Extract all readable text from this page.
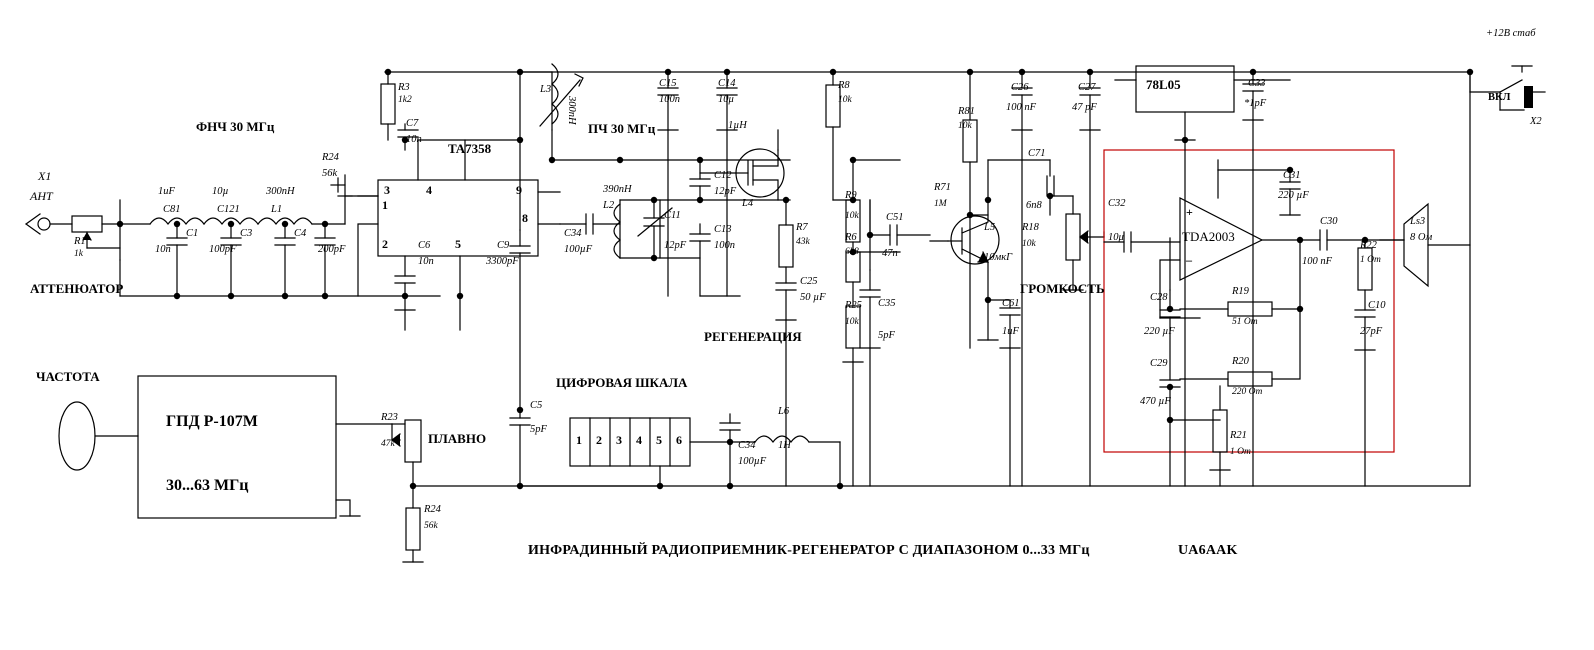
X1
АНТ
АТТЕНЮАТОР
ФНЧ 30 МГц
R1
1k
1uF	10µ	300nH
C81	C121	L1
C1
10n
C3
100pF
C4
200pF
R24
56k
R3
1k2
C7
10n
TA7358
3	4	9
1
2	5
8
C6
10n
C9
3300pF
L3
300nH
C34
100µF
ПЧ 30 МГц
390nH
L2
C11
12pF
C12
12pF
C13
100n
C15
100n
C14
10μ
1µH
L4
R7
43k
C25
50 µF
РЕГЕНЕРАЦИЯ
R8
10k
R9
10k
R6
6k8
R25
10k
C51
47n
C35
5pF
R71
1M
R81
10k
L5
10мкГ
C61
1uF
C71
6n8
R18
10k
ГРОМКОСТЬ
C26
100 nF
C27
47 pF
78L05	C33
*1pF
C32
10μ	TDA2003
+
–
C31
220 µF
C28
220 µF
C29
470 µF
R19
51 Om
R20
220 Om
R21
1 Om
C30
100 nF
R22
1 Om
C10
27pF
Ls3
8 Ом
+12В стаб
ВКЛ
X2
ЧАСТОТА
ГПД Р-107М
30...63 МГц
R23
47k	ПЛАВНО
R24
56k
C5
5pF
ЦИФРОВАЯ ШКАЛА
1 2 3 4 5 6	C34
100µF
L6
1H
ИНФРАДИННЫЙ РАДИОПРИЕМНИК-РЕГЕНЕРАТОР С ДИАПАЗОНОМ 0...33 МГц	UA6AAK
